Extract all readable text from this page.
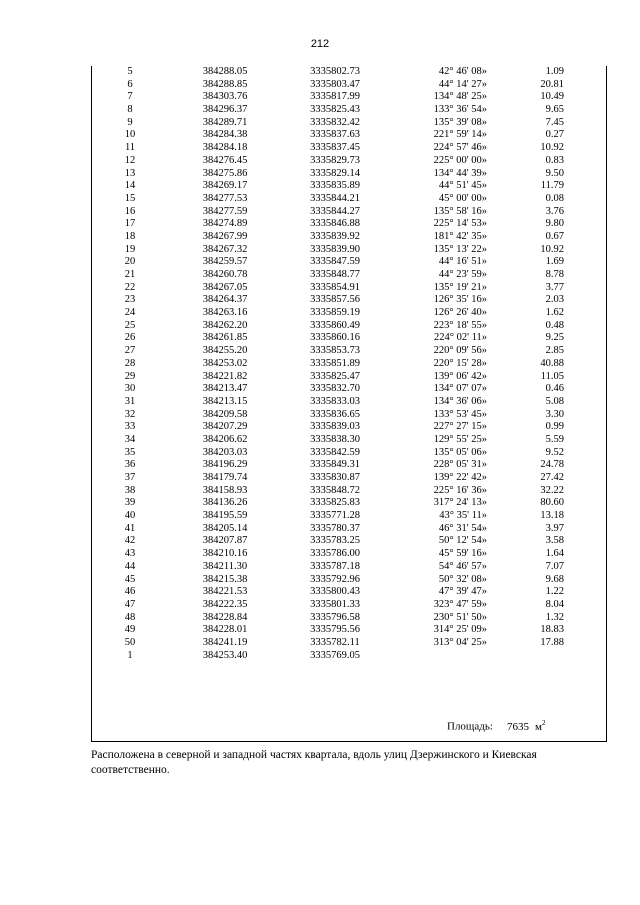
212
5	384288.05	3335802.73	42° 46' 08»	1.09
6	384288.85	3335803.47	44° 14' 27»	20.81
7	384303.76	3335817.99	134° 48' 25»	10.49
8	384296.37	3335825.43	133° 36' 54»	9.65
9	384289.71	3335832.42	135° 39' 08»	7.45
10	384284.38	3335837.63	221° 59' 14»	0.27
11	384284.18	3335837.45	224° 57' 46»	10.92
12	384276.45	3335829.73	225° 00' 00»	0.83
13	384275.86	3335829.14	134° 44' 39»	9.50
14	384269.17	3335835.89	44° 51' 45»	11.79
15	384277.53	3335844.21	45° 00' 00»	0.08
16	384277.59	3335844.27	135° 58' 16»	3.76
17	384274.89	3335846.88	225° 14' 53»	9.80
18	384267.99	3335839.92	181° 42' 35»	0.67
19	384267.32	3335839.90	135° 13' 22»	10.92
20	384259.57	3335847.59	44° 16' 51»	1.69
21	384260.78	3335848.77	44° 23' 59»	8.78
22	384267.05	3335854.91	135° 19' 21»	3.77
23	384264.37	3335857.56	126° 35' 16»	2.03
24	384263.16	3335859.19	126° 26' 40»	1.62
25	384262.20	3335860.49	223° 18' 55»	0.48
26	384261.85	3335860.16	224° 02' 11»	9.25
27	384255.20	3335853.73	220° 09' 56»	2.85
28	384253.02	3335851.89	220° 15' 28»	40.88
29	384221.82	3335825.47	139° 06' 42»	11.05
30	384213.47	3335832.70	134° 07' 07»	0.46
31	384213.15	3335833.03	134° 36' 06»	5.08
32	384209.58	3335836.65	133° 53' 45»	3.30
33	384207.29	3335839.03	227° 27' 15»	0.99
34	384206.62	3335838.30	129° 55' 25»	5.59
35	384203.03	3335842.59	135° 05' 06»	9.52
36	384196.29	3335849.31	228° 05' 31»	24.78
37	384179.74	3335830.87	139° 22' 42»	27.42
38	384158.93	3335848.72	225° 16' 36»	32.22
39	384136.26	3335825.83	317° 24' 13»	80.60
40	384195.59	3335771.28	43° 35' 11»	13.18
41	384205.14	3335780.37	46° 31' 54»	3.97
42	384207.87	3335783.25	50° 12' 54»	3.58
43	384210.16	3335786.00	45° 59' 16»	1.64
44	384211.30	3335787.18	54° 46' 57»	7.07
45	384215.38	3335792.96	50° 32' 08»	9.68
46	384221.53	3335800.43	47° 39' 47»	1.22
47	384222.35	3335801.33	323° 47' 59»	8.04
48	384228.84	3335796.58	230° 51' 50»	1.32
49	384228.01	3335795.56	314° 25' 09»	18.83
50	384241.19	3335782.11	313° 04' 25»	17.88
1	384253.40	3335769.05
Площадь: 7635 $м^2$
Расположена в северной и западной частях квартала, вдоль улиц Дзержинского и Киевская соответственно.
